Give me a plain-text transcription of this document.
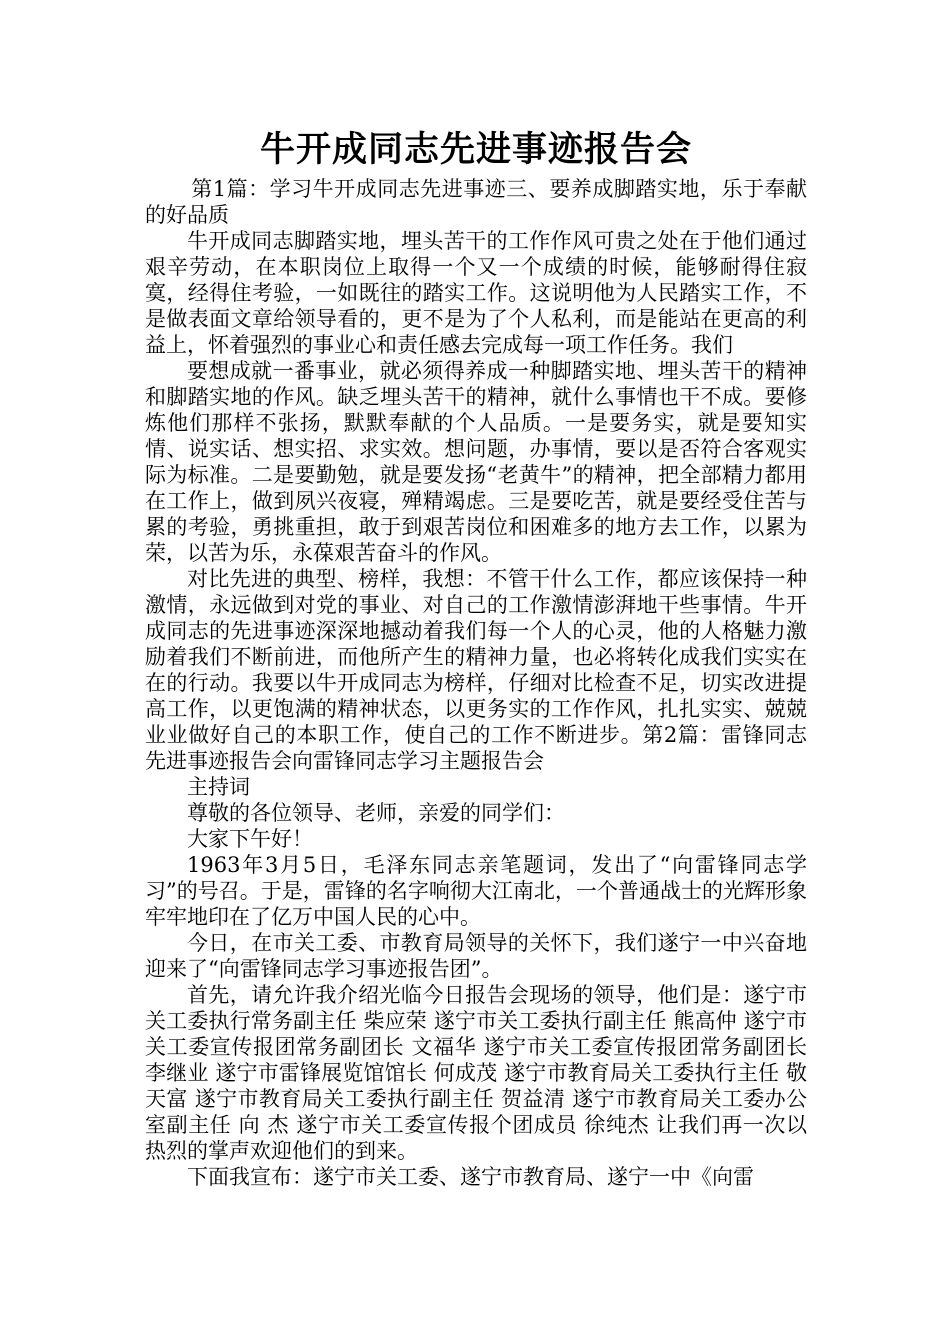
牛开成同志先进事迹报告会

第1篇：学习牛开成同志先进事迹三、要养成脚踏实地，乐于奉献的好品质

牛开成同志脚踏实地，埋头苦干的工作作风可贵之处在于他们通过艰辛劳动，在本职岗位上取得一个又一个成绩的时候，能够耐得住寂寞，经得住考验，一如既往的踏实工作。这说明他为人民踏实工作，不是做表面文章给领导看的，更不是为了个人私利，而是能站在更高的利益上，怀着强烈的事业心和责任感去完成每一项工作任务。我们

要想成就一番事业，就必须得养成一种脚踏实地、埋头苦干的精神和脚踏实地的作风。缺乏埋头苦干的精神，就什么事情也干不成。要修炼他们那样不张扬，默默奉献的个人品质。一是要务实，就是要知实情、说实话、想实招、求实效。想问题，办事情，要以是否符合客观实际为标准。二是要勤勉，就是要发扬“老黄牛”的精神，把全部精力都用在工作上，做到夙兴夜寝，殚精竭虑。三是要吃苦，就是要经受住苦与累的考验，勇挑重担，敢于到艰苦岗位和困难多的地方去工作，以累为荣，以苦为乐，永葆艰苦奋斗的作风。

对比先进的典型、榜样，我想：不管干什么工作，都应该保持一种激情，永远做到对党的事业、对自己的工作激情澎湃地干些事情。牛开成同志的先进事迹深深地撼动着我们每一个人的心灵，他的人格魅力激励着我们不断前进，而他所产生的精神力量，也必将转化成我们实实在在的行动。我要以牛开成同志为榜样，仔细对比检查不足，切实改进提高工作，以更饱满的精神状态，以更务实的工作作风，扎扎实实、兢兢业业做好自己的本职工作，使自己的工作不断进步。第2篇：雷锋同志先进事迹报告会向雷锋同志学习主题报告会

主持词

尊敬的各位领导、老师，亲爱的同学们：

大家下午好！

1963年3月5日，毛泽东同志亲笔题词，发出了“向雷锋同志学习”的号召。于是，雷锋的名字响彻大江南北，一个普通战士的光辉形象牢牢地印在了亿万中国人民的心中。

今日，在市关工委、市教育局领导的关怀下，我们遂宁一中兴奋地迎来了“向雷锋同志学习事迹报告团”。

首先，请允许我介绍光临今日报告会现场的领导，他们是：遂宁市关工委执行常务副主任 柴应荣 遂宁市关工委执行副主任 熊高仲 遂宁市关工委宣传报团常务副团长 文福华 遂宁市关工委宣传报团常务副团长 李继业 遂宁市雷锋展览馆馆长 何成茂 遂宁市教育局关工委执行主任 敬天富 遂宁市教育局关工委执行副主任 贺益清 遂宁市教育局关工委办公室副主任 向 杰 遂宁市关工委宣传报个团成员 徐纯杰 让我们再一次以热烈的掌声欢迎他们的到来。

下面我宣布：遂宁市关工委、遂宁市教育局、遂宁一中《向雷
